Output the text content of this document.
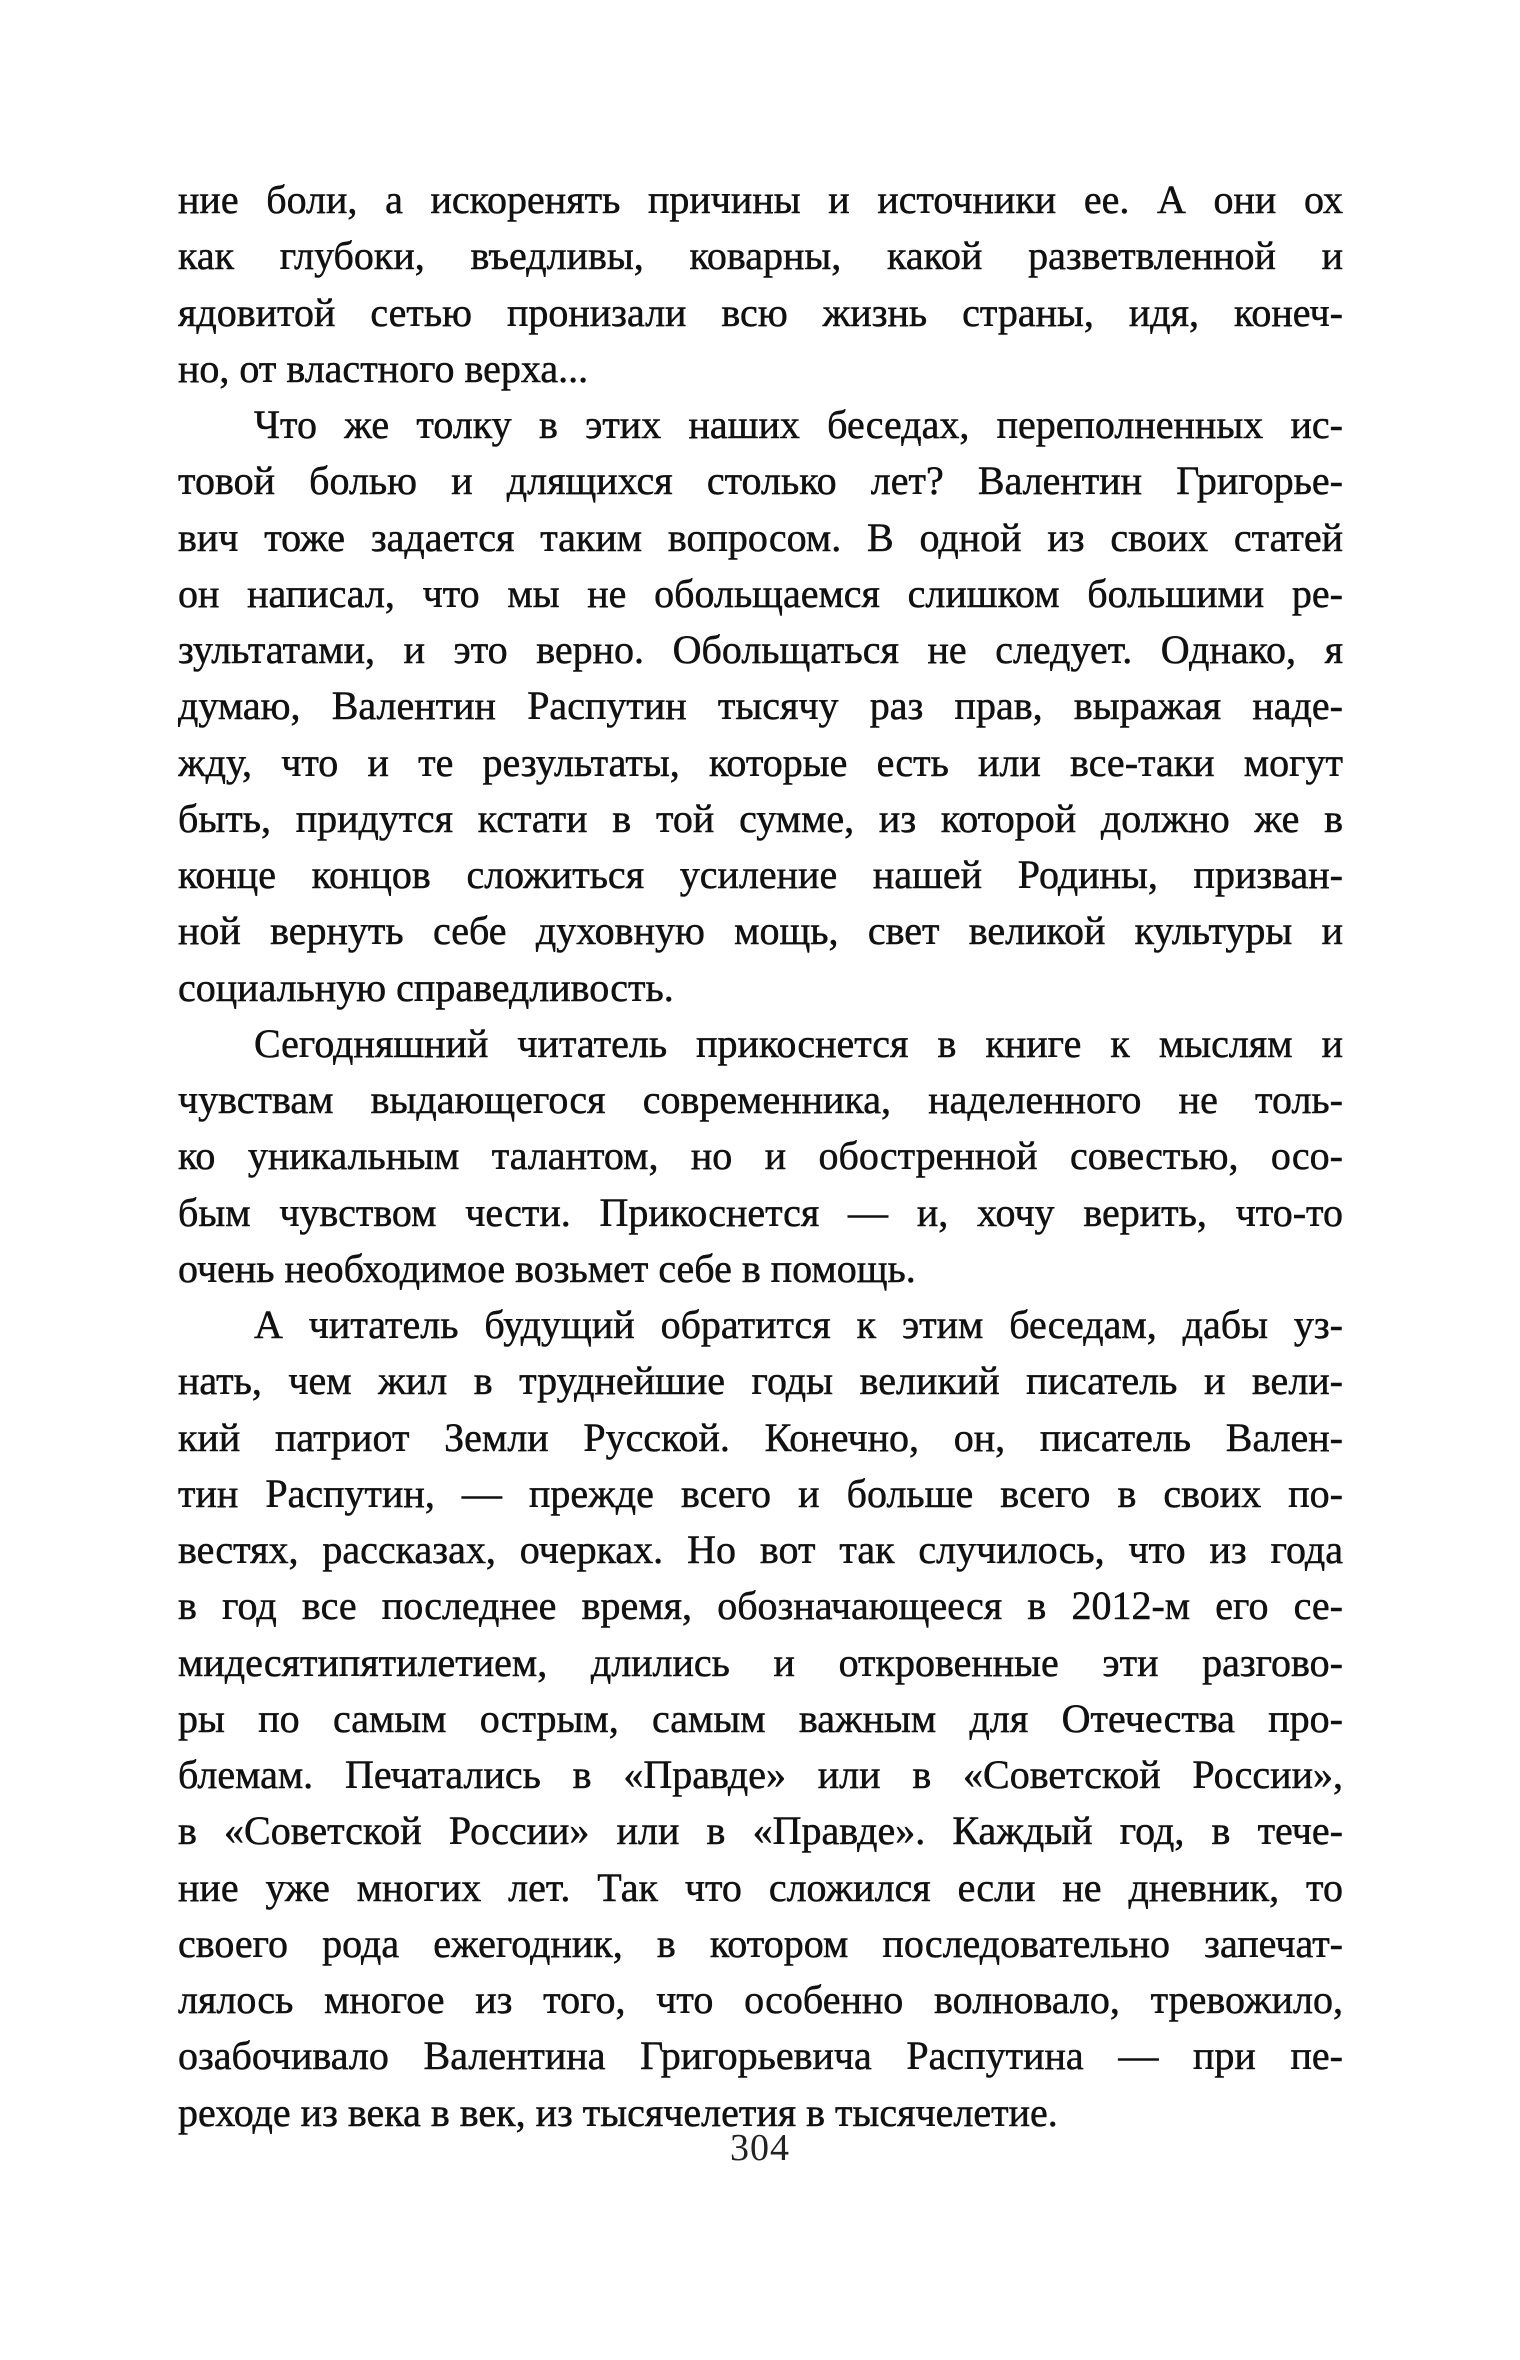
ние боли, а искоренять причины и источники ее. А они ох
как глубоки, въедливы, коварны, какой разветвленной и
ядовитой сетью пронизали всю жизнь страны, идя, конеч-
но, от властного верха...
Что же толку в этих наших беседах, переполненных ис-
товой болью и длящихся столько лет? Валентин Григорье-
вич тоже задается таким вопросом. В одной из своих статей
он написал, что мы не обольщаемся слишком большими ре-
зультатами, и это верно. Обольщаться не следует. Однако, я
думаю, Валентин Распутин тысячу раз прав, выражая наде-
жду, что и те результаты, которые есть или все-таки могут
быть, придутся кстати в той сумме, из которой должно же в
конце концов сложиться усиление нашей Родины, призван-
ной вернуть себе духовную мощь, свет великой культуры и
социальную справедливость.
Сегодняшний читатель прикоснется в книге к мыслям и
чувствам выдающегося современника, наделенного не толь-
ко уникальным талантом, но и обостренной совестью, осо-
бым чувством чести. Прикоснется — и, хочу верить, что-то
очень необходимое возьмет себе в помощь.
А читатель будущий обратится к этим беседам, дабы уз-
нать, чем жил в труднейшие годы великий писатель и вели-
кий патриот Земли Русской. Конечно, он, писатель Вален-
тин Распутин, — прежде всего и больше всего в своих по-
вестях, рассказах, очерках. Но вот так случилось, что из года
в год все последнее время, обозначающееся в 2012-м его се-
мидесятипятилетием, длились и откровенные эти разгово-
ры по самым острым, самым важным для Отечества про-
блемам. Печатались в «Правде» или в «Советской России»,
в «Советской России» или в «Правде». Каждый год, в тече-
ние уже многих лет. Так что сложился если не дневник, то
своего рода ежегодник, в котором последовательно запечат-
лялось многое из того, что особенно волновало, тревожило,
озабочивало Валентина Григорьевича Распутина — при пе-
реходе из века в век, из тысячелетия в тысячелетие.
304
